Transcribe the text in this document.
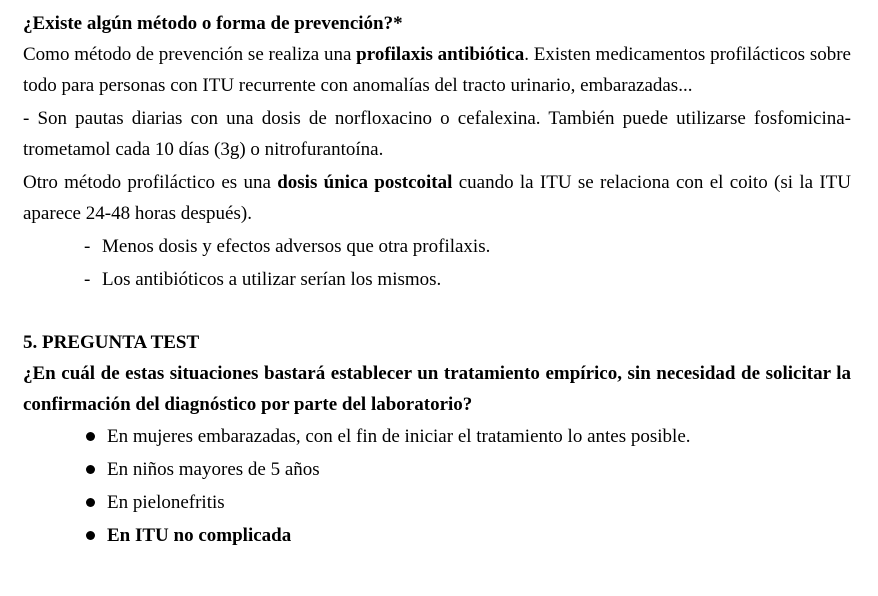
¿Existe algún método o forma de prevención?*

Como método de prevención se realiza una profilaxis antibiótica. Existen medicamentos profilácticos sobre todo para personas con ITU recurrente con anomalías del tracto urinario, embarazadas...

- Son pautas diarias con una dosis de norfloxacino o cefalexina. También puede utilizarse fosfomicina-trometamol cada 10 días (3g) o nitrofurantoína.

Otro método profiláctico es una dosis única postcoital cuando la ITU se relaciona con el coito (si la ITU aparece 24-48 horas después).

- Menos dosis y efectos adversos que otra profilaxis.
- Los antibióticos a utilizar serían los mismos.

5. PREGUNTA TEST

¿En cuál de estas situaciones bastará establecer un tratamiento empírico, sin necesidad de solicitar la confirmación del diagnóstico por parte del laboratorio?

En mujeres embarazadas, con el fin de iniciar el tratamiento lo antes posible.
En niños mayores de 5 años
En pielonefritis
En ITU no complicada
